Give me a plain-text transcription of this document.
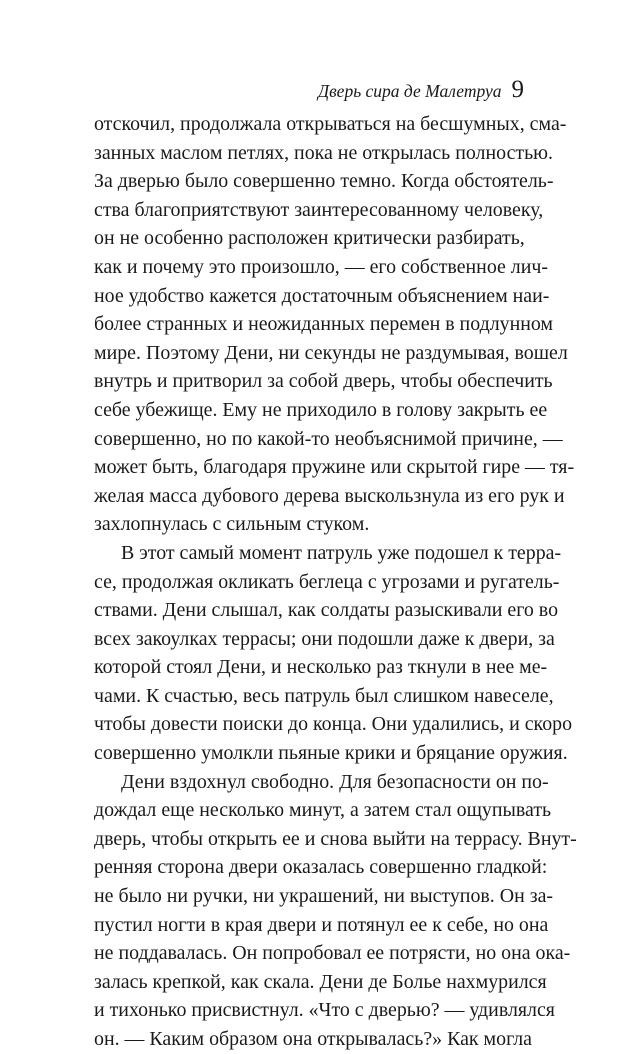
Дверь сира де Малетруа 9
отскочил, продолжала открываться на бесшумных, сма-
занных маслом петлях, пока не открылась полностью.
За дверью было совершенно темно. Когда обстоятель-
ства благоприятствуют заинтересованному человеку,
он не особенно расположен критически разбирать,
как и почему это произошло, — его собственное лич-
ное удобство кажется достаточным объяснением наи-
более странных и неожиданных перемен в подлунном
мире. Поэтому Дени, ни секунды не раздумывая, вошел
внутрь и притворил за собой дверь, чтобы обеспечить
себе убежище. Ему не приходило в голову закрыть ее
совершенно, но по какой-то необъяснимой причине, —
может быть, благодаря пружине или скрытой гире — тя-
желая масса дубового дерева выскользнула из его рук и
захлопнулась с сильным стуком.
В этот самый момент патруль уже подошел к терра-
се, продолжая окликать беглеца с угрозами и ругатель-
ствами. Дени слышал, как солдаты разыскивали его во
всех закоулках террасы; они подошли даже к двери, за
которой стоял Дени, и несколько раз ткнули в нее ме-
чами. К счастью, весь патруль был слишком навеселе,
чтобы довести поиски до конца. Они удалились, и скоро
совершенно умолкли пьяные крики и бряцание оружия.
Дени вздохнул свободно. Для безопасности он по-
дождал еще несколько минут, а затем стал ощупывать
дверь, чтобы открыть ее и снова выйти на террасу. Внут-
ренняя сторона двери оказалась совершенно гладкой:
не было ни ручки, ни украшений, ни выступов. Он за-
пустил ногти в края двери и потянул ее к себе, но она
не поддавалась. Он попробовал ее потрясти, но она ока-
залась крепкой, как скала. Дени де Болье нахмурился
и тихонько присвистнул. «Что с дверью? — удивлялся
он. — Каким образом она открывалась?» Как могла
